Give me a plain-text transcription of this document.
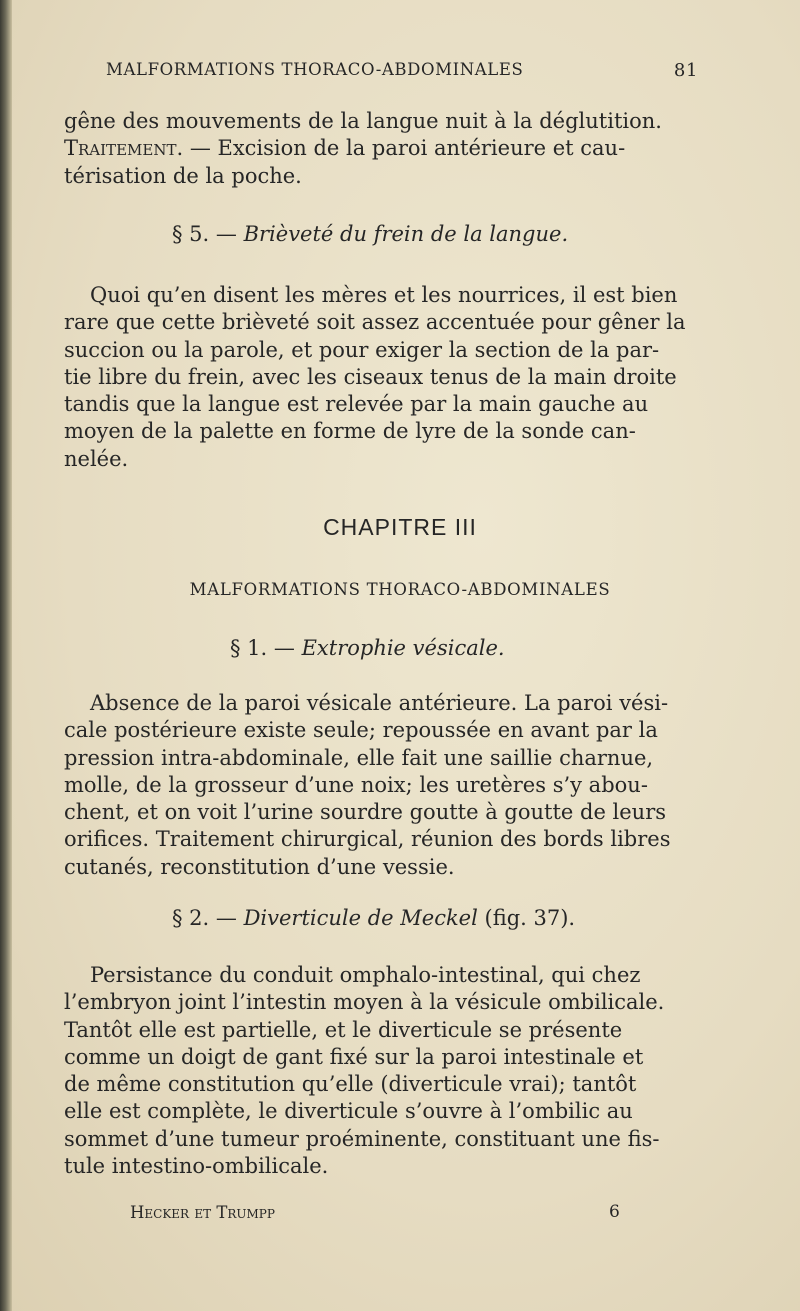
MALFORMATIONS THORACO-ABDOMINALES	81
gêne des mouvements de la langue nuit à la déglutition.
Traitement. — Excision de la paroi antérieure et cau-
térisation de la poche.

§ 5. — Brièveté du frein de la langue.

Quoi qu’en disent les mères et les nourrices, il est bien
rare que cette brièveté soit assez accentuée pour gêner la
succion ou la parole, et pour exiger la section de la par-
tie libre du frein, avec les ciseaux tenus de la main droite
tandis que la langue est relevée par la main gauche au
moyen de la palette en forme de lyre de la sonde can-
nelée.
CHAPITRE III
MALFORMATIONS THORACO-ABDOMINALES

§ 1. — Extrophie vésicale.

Absence de la paroi vésicale antérieure. La paroi vési-
cale postérieure existe seule; repoussée en avant par la
pression intra-abdominale, elle fait une saillie charnue,
molle, de la grosseur d’une noix; les uretères s’y abou-
chent, et on voit l’urine sourdre goutte à goutte de leurs
orifices. Traitement chirurgical, réunion des bords libres
cutanés, reconstitution d’une vessie.

§ 2. — Diverticule de Meckel (fig. 37).

Persistance du conduit omphalo-intestinal, qui chez
l’embryon joint l’intestin moyen à la vésicule ombilicale.
Tantôt elle est partielle, et le diverticule se présente
comme un doigt de gant fixé sur la paroi intestinale et
de même constitution qu’elle (diverticule vrai); tantôt
elle est complète, le diverticule s’ouvre à l’ombilic au
sommet d’une tumeur proéminente, constituant une fis-
tule intestino-ombilicale.
Hecker et Trumpp	6
